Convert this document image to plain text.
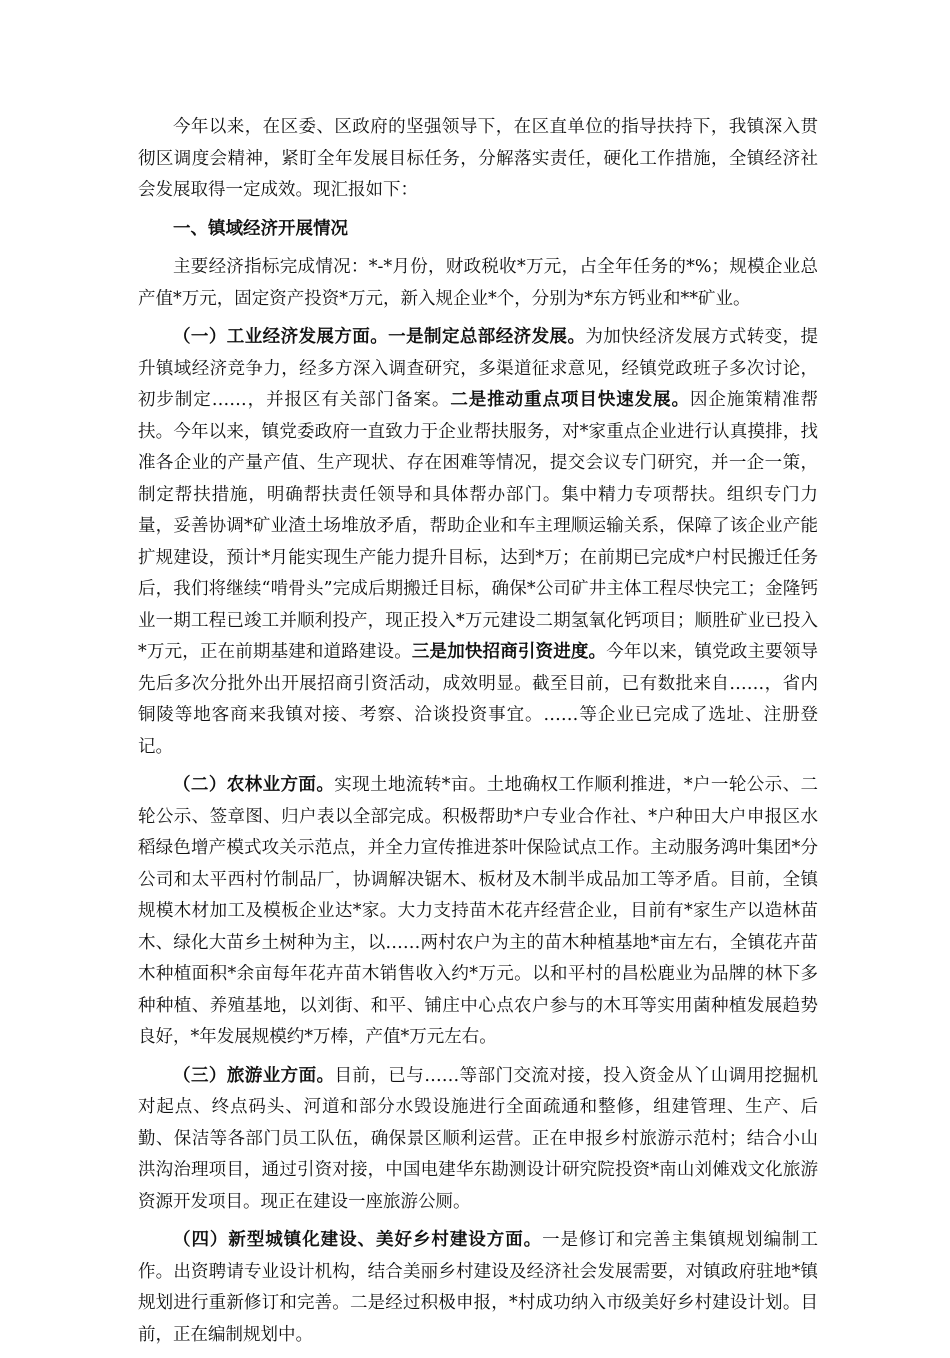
今年以来，在区委、区政府的坚强领导下，在区直单位的指导扶持下，我镇深入贯彻区调度会精神，紧盯全年发展目标任务，分解落实责任，硬化工作措施，全镇经济社会发展取得一定成效。现汇报如下：

一、镇域经济开展情况

主要经济指标完成情况：*-*月份，财政税收*万元，占全年任务的*%；规模企业总产值*万元，固定资产投资*万元，新入规企业*个，分别为*东方钙业和**矿业。

（一）工业经济发展方面。一是制定总部经济发展。为加快经济发展方式转变，提升镇域经济竞争力，经多方深入调查研究，多渠道征求意见，经镇党政班子多次讨论，初步制定……，并报区有关部门备案。二是推动重点项目快速发展。因企施策精准帮扶。今年以来，镇党委政府一直致力于企业帮扶服务，对*家重点企业进行认真摸排，找准各企业的产量产值、生产现状、存在困难等情况，提交会议专门研究，并一企一策，制定帮扶措施，明确帮扶责任领导和具体帮办部门。集中精力专项帮扶。组织专门力量，妥善协调*矿业渣土场堆放矛盾，帮助企业和车主理顺运输关系，保障了该企业产能扩规建设，预计*月能实现生产能力提升目标，达到*万；在前期已完成*户村民搬迁任务后，我们将继续“啃骨头”完成后期搬迁目标，确保*公司矿井主体工程尽快完工；金隆钙业一期工程已竣工并顺利投产，现正投入*万元建设二期氢氧化钙项目；顺胜矿业已投入*万元，正在前期基建和道路建设。三是加快招商引资进度。今年以来，镇党政主要领导先后多次分批外出开展招商引资活动，成效明显。截至目前，已有数批来自……，省内铜陵等地客商来我镇对接、考察、洽谈投资事宜。……等企业已完成了选址、注册登记。

（二）农林业方面。实现土地流转*亩。土地确权工作顺利推进，*户一轮公示、二轮公示、签章图、归户表以全部完成。积极帮助*户专业合作社、*户种田大户申报区水稻绿色增产模式攻关示范点，并全力宣传推进茶叶保险试点工作。主动服务鸿叶集团*分公司和太平西村竹制品厂，协调解决锯木、板材及木制半成品加工等矛盾。目前，全镇规模木材加工及模板企业达*家。大力支持苗木花卉经营企业，目前有*家生产以造林苗木、绿化大苗乡土树种为主，以……两村农户为主的苗木种植基地*亩左右，全镇花卉苗木种植面积*余亩每年花卉苗木销售收入约*万元。以和平村的昌松鹿业为品牌的林下多种种植、养殖基地，以刘街、和平、铺庄中心点农户参与的木耳等实用菌种植发展趋势良好，*年发展规模约*万棒，产值*万元左右。

（三）旅游业方面。目前，已与……等部门交流对接，投入资金从丫山调用挖掘机对起点、终点码头、河道和部分水毁设施进行全面疏通和整修，组建管理、生产、后勤、保洁等各部门员工队伍，确保景区顺利运营。正在申报乡村旅游示范村；结合小山洪沟治理项目，通过引资对接，中国电建华东勘测设计研究院投资*南山刘傩戏文化旅游资源开发项目。现正在建设一座旅游公厕。

（四）新型城镇化建设、美好乡村建设方面。一是修订和完善主集镇规划编制工作。出资聘请专业设计机构，结合美丽乡村建设及经济社会发展需要，对镇政府驻地*镇规划进行重新修订和完善。二是经过积极申报，*村成功纳入市级美好乡村建设计划。目前，正在编制规划中。
